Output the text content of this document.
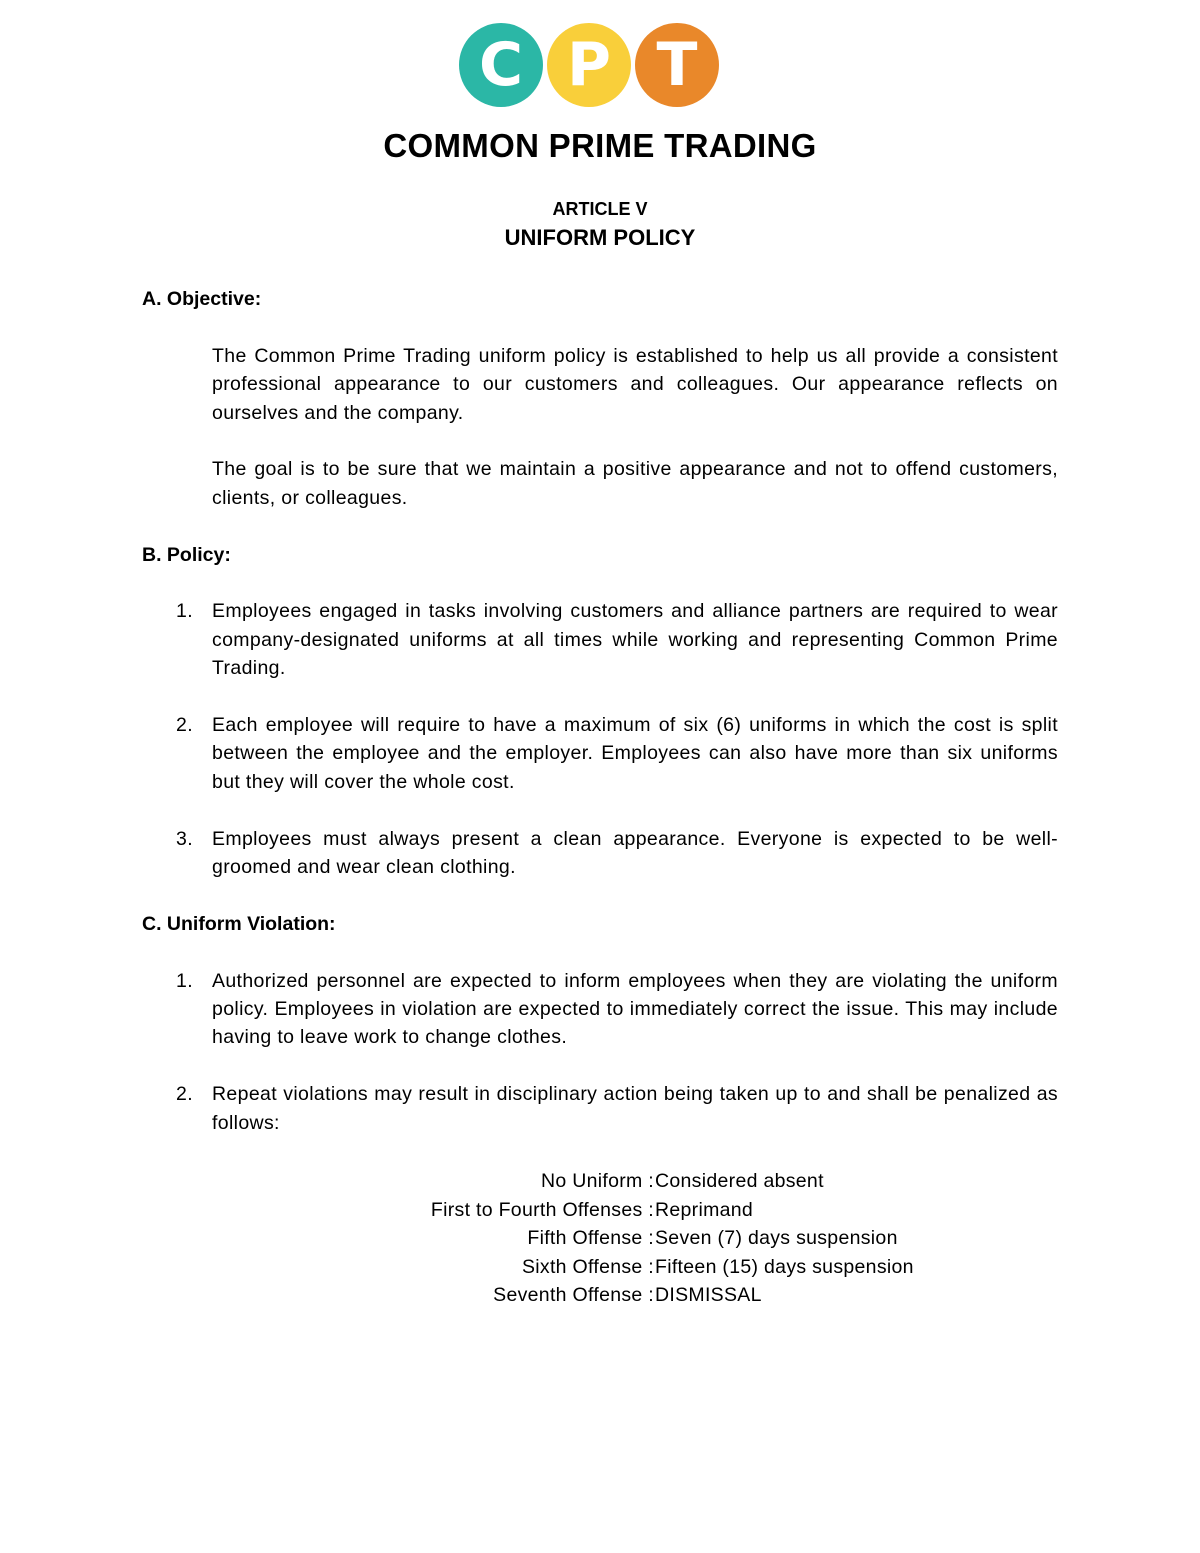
C P T
COMMON PRIME TRADING
ARTICLE V
UNIFORM POLICY
A. Objective:

The Common Prime Trading uniform policy is established to help us all provide a consistent professional appearance to our customers and colleagues. Our appearance reflects on ourselves and the company.

The goal is to be sure that we maintain a positive appearance and not to offend customers, clients, or colleagues.

B. Policy:
1. Employees engaged in tasks involving customers and alliance partners are required to wear company-designated uniforms at all times while working and representing Common Prime Trading.
2. Each employee will require to have a maximum of six (6) uniforms in which the cost is split between the employee and the employer. Employees can also have more than six uniforms but they will cover the whole cost.
3. Employees must always present a clean appearance. Everyone is expected to be well-groomed and wear clean clothing.
C. Uniform Violation:
1. Authorized personnel are expected to inform employees when they are violating the uniform policy. Employees in violation are expected to immediately correct the issue. This may include having to leave work to change clothes.
2. Repeat violations may result in disciplinary action being taken up to and shall be penalized as follows:
No Uniform : Considered absent
First to Fourth Offenses : Reprimand
Fifth Offense : Seven (7) days suspension
Sixth Offense : Fifteen (15) days suspension
Seventh Offense : DISMISSAL
